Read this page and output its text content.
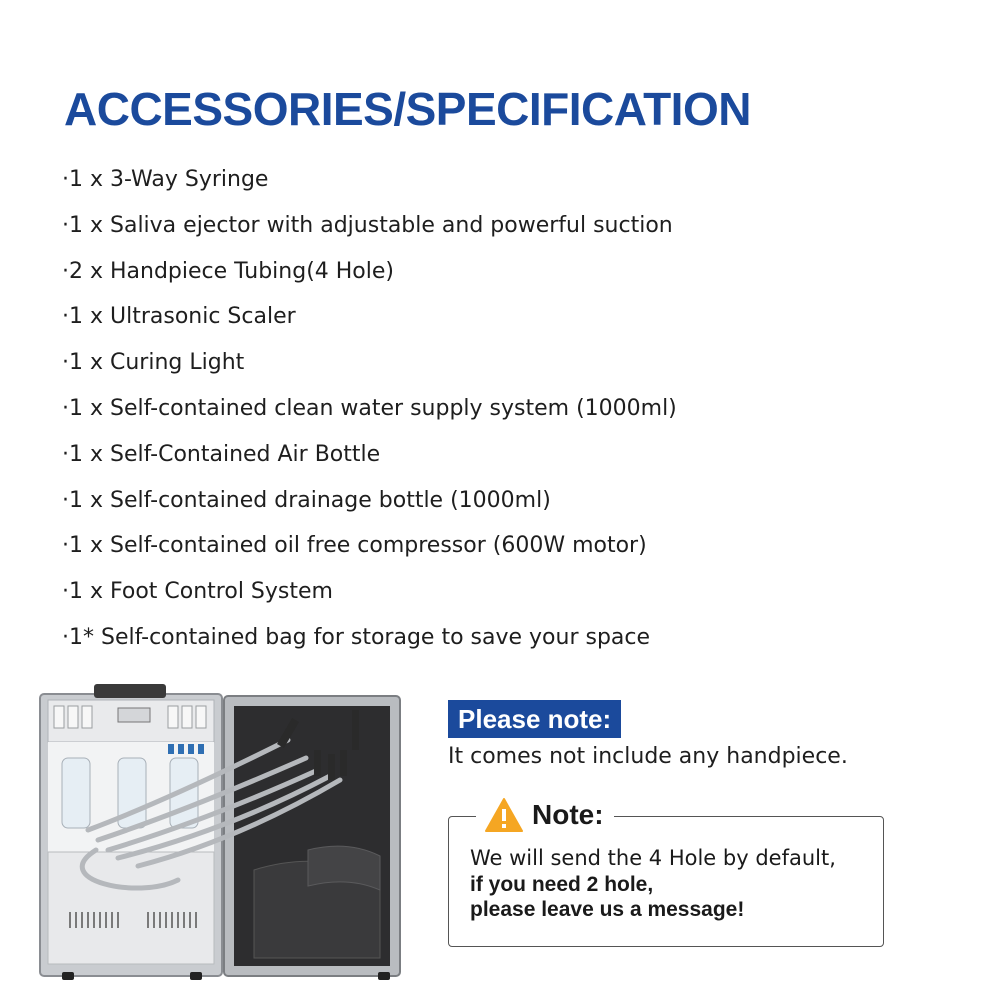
ACCESSORIES/SPECIFICATION
·1 x 3-Way Syringe
·1 x Saliva ejector with adjustable and powerful suction
·2 x Handpiece Tubing(4 Hole)
·1 x Ultrasonic Scaler
·1 x Curing Light
·1 x Self-contained clean water supply system (1000ml)
·1 x Self-Contained Air Bottle
·1 x Self-contained drainage bottle (1000ml)
·1 x Self-contained oil free compressor (600W motor)
·1 x Foot Control System
·1* Self-contained bag for storage to save your space
Please note:
It comes not include any handpiece.
Note:
We will send the 4 Hole by default,
if you need 2 hole,
please leave us a message!
